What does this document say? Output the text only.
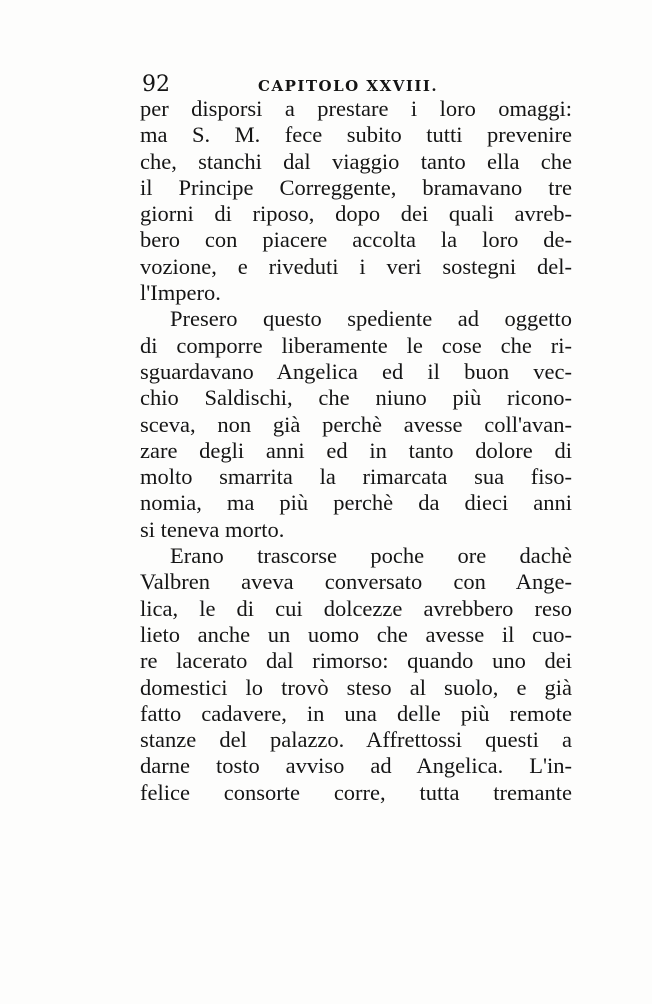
92	CAPITOLO XXVIII.
per disporsi a prestare i loro omaggi:
ma S. M. fece subito tutti prevenire
che, stanchi dal viaggio tanto ella che
il Principe Correggente, bramavano tre
giorni di riposo, dopo dei quali avreb-
bero con piacere accolta la loro de-
vozione, e riveduti i veri sostegni del-
l'Impero.
Presero questo spediente ad oggetto
di comporre liberamente le cose che ri-
sguardavano Angelica ed il buon vec-
chio Saldischi, che niuno più ricono-
sceva, non già perchè avesse coll'avan-
zare degli anni ed in tanto dolore di
molto smarrita la rimarcata sua fiso-
nomia, ma più perchè da dieci anni
si teneva morto.
Erano trascorse poche ore dachè
Valbren aveva conversato con Ange-
lica, le di cui dolcezze avrebbero reso
lieto anche un uomo che avesse il cuo-
re lacerato dal rimorso: quando uno dei
domestici lo trovò steso al suolo, e già
fatto cadavere, in una delle più remote
stanze del palazzo. Affrettossi questi a
darne tosto avviso ad Angelica. L'in-
felice consorte corre, tutta tremante
